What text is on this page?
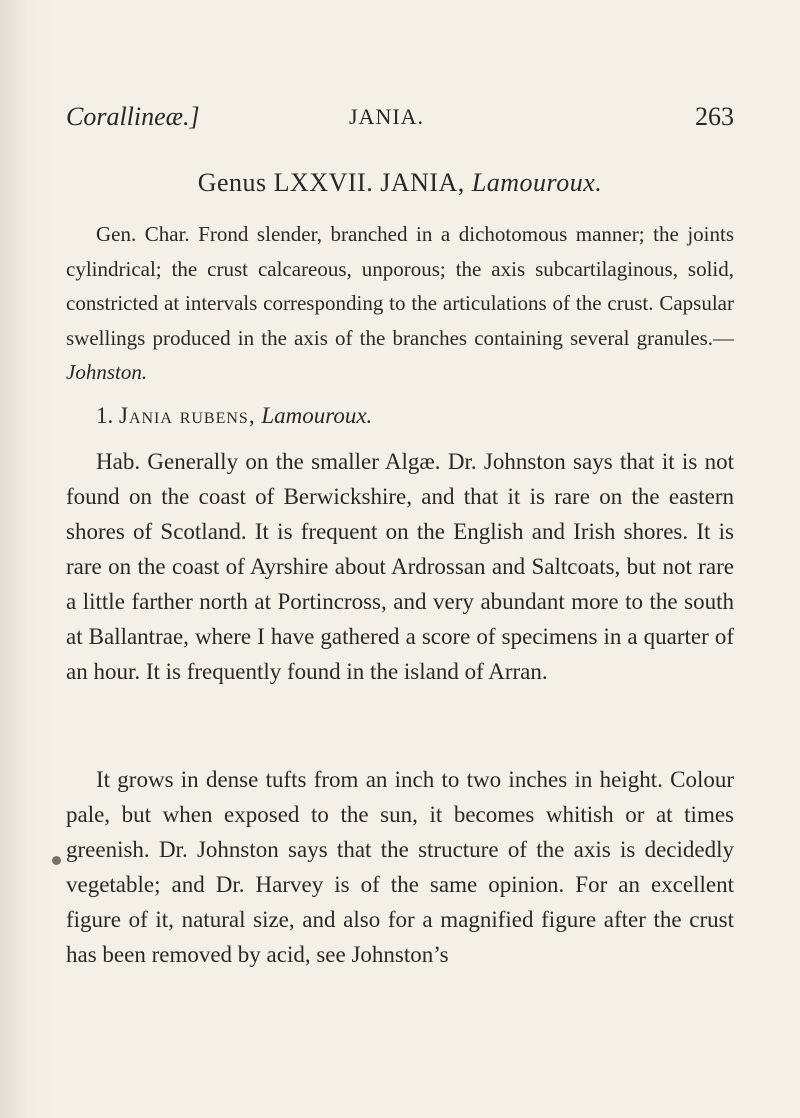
Corallineæ.]	JANIA.	263
Genus LXXVII. JANIA, Lamouroux.
Gen. Char. Frond slender, branched in a dichotomous manner; the joints cylindrical; the crust calcareous, unporous; the axis subcartilaginous, solid, constricted at intervals corresponding to the articulations of the crust. Capsular swellings produced in the axis of the branches containing several granules.—Johnston.
1. Jania rubens, Lamouroux.
Hab. Generally on the smaller Algæ. Dr. Johnston says that it is not found on the coast of Berwickshire, and that it is rare on the eastern shores of Scotland. It is frequent on the English and Irish shores. It is rare on the coast of Ayrshire about Ardrossan and Saltcoats, but not rare a little farther north at Portincross, and very abundant more to the south at Ballantrae, where I have gathered a score of specimens in a quarter of an hour. It is frequently found in the island of Arran.
It grows in dense tufts from an inch to two inches in height. Colour pale, but when exposed to the sun, it becomes whitish or at times greenish. Dr. Johnston says that the structure of the axis is decidedly vegetable; and Dr. Harvey is of the same opinion. For an excellent figure of it, natural size, and also for a magnified figure after the crust has been removed by acid, see Johnston’s
